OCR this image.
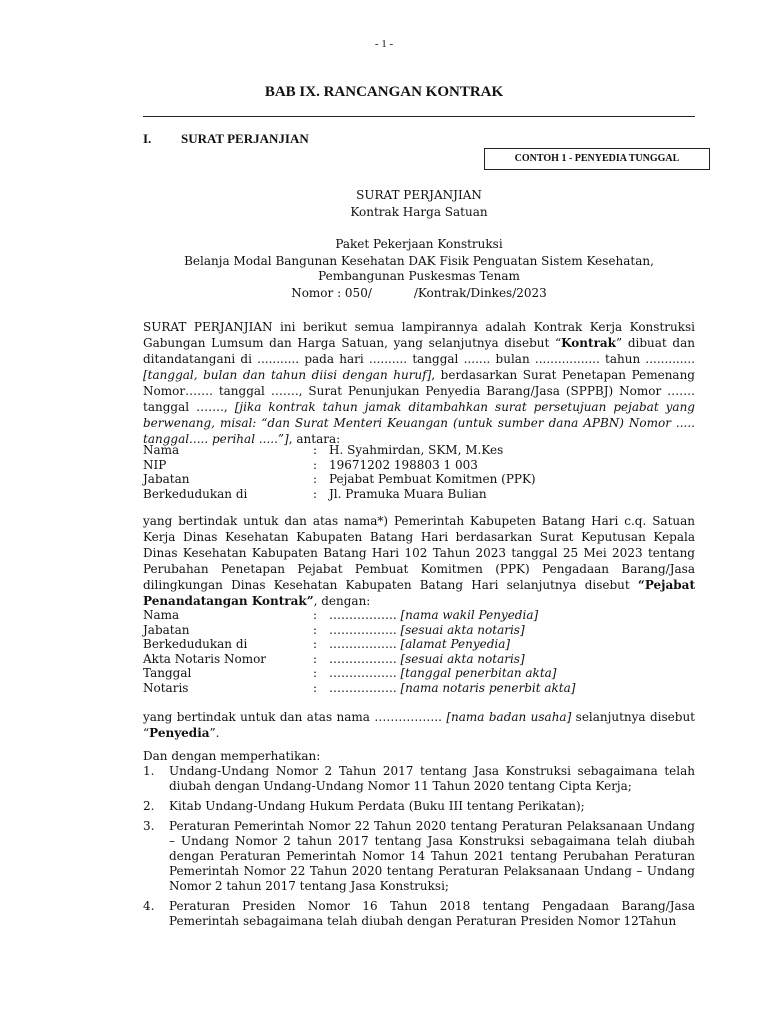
- 1 -
BAB IX. RANCANGAN KONTRAK
I. SURAT PERJANJIAN
CONTOH 1 - PENYEDIA TUNGGAL
SURAT PERJANJIAN
Kontrak Harga Satuan
Paket Pekerjaan Konstruksi
Belanja Modal Bangunan Kesehatan DAK Fisik Penguatan Sistem Kesehatan,
Pembangunan Puskesmas Tenam
Nomor : 050/           /Kontrak/Dinkes/2023
SURAT PERJANJIAN ini berikut semua lampirannya adalah Kontrak Kerja Konstruksi Gabungan Lumsum dan Harga Satuan, yang selanjutnya disebut “Kontrak” dibuat dan ditandatangani di ........... pada hari .......... tanggal ....... bulan ................. tahun ............. [tanggal, bulan dan tahun diisi dengan huruf], berdasarkan Surat Penetapan Pemenang Nomor……. tanggal ……., Surat Penunjukan Penyedia Barang/Jasa (SPPBJ) Nomor ……. tanggal ……., [jika kontrak tahun jamak ditambahkan surat persetujuan pejabat yang berwenang, misal: “dan Surat Menteri Keuangan (untuk sumber dana APBN) Nomor ..... tanggal..... perihal .....”], antara:
Nama	: H. Syahmirdan, SKM, M.Kes
NIP	: 19671202 198803 1 003
Jabatan	: Pejabat Pembuat Komitmen (PPK)
Berkedudukan di	: Jl. Pramuka Muara Bulian
yang bertindak untuk dan atas nama*) Pemerintah Kabupeten Batang Hari c.q. Satuan Kerja Dinas Kesehatan Kabupaten Batang Hari berdasarkan Surat Keputusan Kepala Dinas Kesehatan Kabupaten Batang Hari 102 Tahun 2023 tanggal 25 Mei 2023 tentang Perubahan Penetapan Pejabat Pembuat Komitmen (PPK) Pengadaan Barang/Jasa dilingkungan Dinas Kesehatan Kabupaten Batang Hari selanjutnya disebut “Pejabat Penandatangan Kontrak”, dengan:
Nama	: …………….. [nama wakil Penyedia]
Jabatan	: …………….. [sesuai akta notaris]
Berkedudukan di	: …………….. [alamat Penyedia]
Akta Notaris Nomor	: …………….. [sesuai akta notaris]
Tanggal	: …………….. [tanggal penerbitan akta]
Notaris	: …………….. [nama notaris penerbit akta]
yang bertindak untuk dan atas nama …………….. [nama badan usaha] selanjutnya disebut “Penyedia”.
Dan dengan memperhatikan:
1.	Undang-Undang Nomor 2 Tahun 2017 tentang Jasa Konstruksi sebagaimana telah diubah dengan Undang-Undang Nomor 11 Tahun 2020 tentang Cipta Kerja;
2.	Kitab Undang-Undang Hukum Perdata (Buku III tentang Perikatan);
3.	Peraturan Pemerintah Nomor 22 Tahun 2020 tentang Peraturan Pelaksanaan Undang – Undang Nomor 2 tahun 2017 tentang Jasa Konstruksi sebagaimana telah diubah dengan Peraturan Pemerintah Nomor 14 Tahun 2021 tentang Perubahan Peraturan Pemerintah Nomor 22 Tahun 2020 tentang Peraturan Pelaksanaan Undang – Undang Nomor 2 tahun 2017 tentang Jasa Konstruksi;
4.	Peraturan Presiden Nomor 16 Tahun 2018 tentang Pengadaan Barang/Jasa Pemerintah sebagaimana telah diubah dengan Peraturan Presiden Nomor 12Tahun
